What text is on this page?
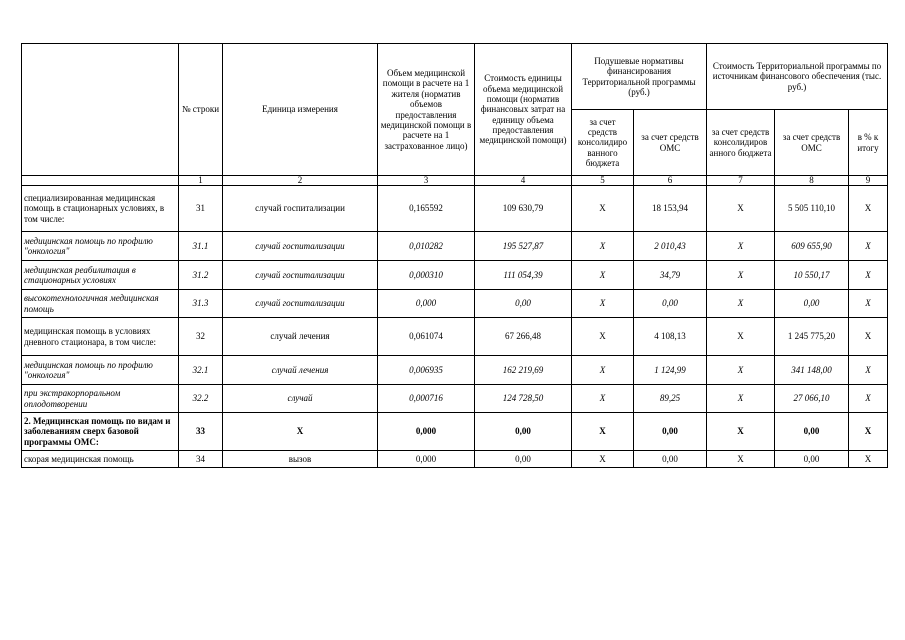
	№ строки	Единица измерения	Объем медицинской помощи в расчете на 1 жителя (норматив объемов предоставления медицинской помощи в расчете на 1 застрахованное лицо)	Стоимость единицы объема медицинской помощи (норматив финансовых затрат на единицу объема предоставления медицинской помощи)	Подушевые нормативы финансирования Территориальной программы (руб.)		Стоимость Территориальной программы по источникам финансового обеспечения (тыс. руб.)		
					за счет средств консолидиро ванного бюджета	за счет средств ОМС	за счет средств консолидиров анного бюджета	за счет средств ОМС	в % к итогу
	1	2	3	4	5	6	7	8	9
специализированная медицинская помощь в стационарных условиях, в том числе:	31	случай госпитализации	0,165592	109 630,79	X	18 153,94	X	5 505 110,10	X
медицинская помощь по профилю "онкология"	31.1	случай госпитализации	0,010282	195 527,87	X	2 010,43	X	609 655,90	X
медицинская реабилитация в стационарных условиях	31.2	случай госпитализации	0,000310	111 054,39	X	34,79	X	10 550,17	X
высокотехнологичная медицинская помощь	31.3	случай госпитализации	0,000	0,00	X	0,00	X	0,00	X
медицинская помощь в условиях дневного стационара, в том числе:	32	случай лечения	0,061074	67 266,48	X	4 108,13	X	1 245 775,20	X
медицинская помощь по профилю "онкология"	32.1	случай лечения	0,006935	162 219,69	X	1 124,99	X	341 148,00	X
при экстракорпоральном оплодотворении	32.2	случай	0,000716	124 728,50	X	89,25	X	27 066,10	X
2. Медицинская помощь по видам и заболеваниям сверх базовой программы ОМС:	33	X	0,000	0,00	X	0,00	X	0,00	X
скорая медицинская помощь	34	вызов	0,000	0,00	X	0,00	X	0,00	X
